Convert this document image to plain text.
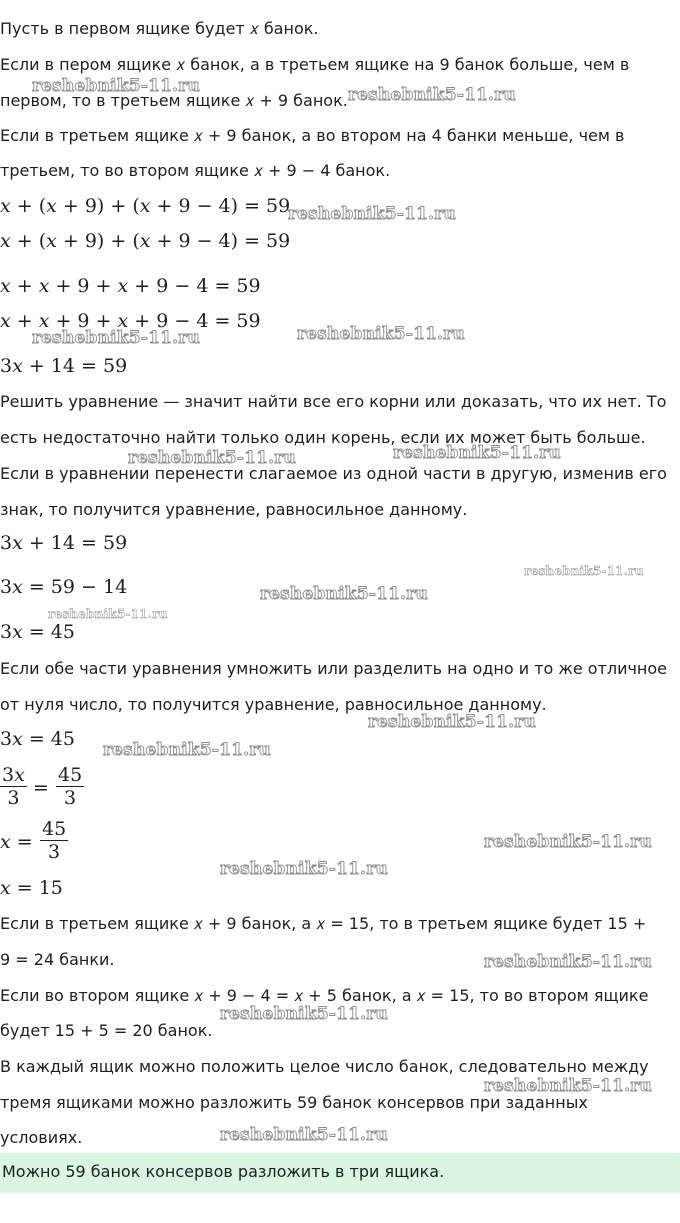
Пусть в первом ящике будет 𝑥 банок.
Если в пером ящике 𝑥 банок, а в третьем ящике на 9 банок больше, чем в
первом, то в третьем ящике 𝑥 + 9 банок.
Если в третьем ящике 𝑥 + 9 банок, а во втором на 4 банки меньше, чем в
третьем, то во втором ящике 𝑥 + 9 − 4 банок.
𝑥 + (𝑥 + 9) + (𝑥 + 9 − 4) = 59
𝑥 + (𝑥 + 9) + (𝑥 + 9 − 4) = 59
𝑥 + 𝑥 + 9 + 𝑥 + 9 − 4 = 59
𝑥 + 𝑥 + 9 + 𝑥 + 9 − 4 = 59
3𝑥 + 14 = 59
Решить уравнение — значит найти все его корни или доказать, что их нет. То
есть недостаточно найти только один корень, если их может быть больше.
Если в уравнении перенести слагаемое из одной части в другую, изменив его
знак, то получится уравнение, равносильное данному.
3𝑥 + 14 = 59
3𝑥 = 59 − 14
3𝑥 = 45
Если обе части уравнения умножить или разделить на одно и то же отличное
от нуля число, то получится уравнение, равносильное данному.
3𝑥 = 45
3𝑥
$3 = \frac{45}{3}$
𝑥 = $\frac{45}{3}$
𝑥 = 15
Если в третьем ящике 𝑥 + 9 банок, а 𝑥 = 15, то в третьем ящике будет 15 +
9 = 24 банки.
Если во втором ящике 𝑥 + 9 − 4 = 𝑥 + 5 банок, а 𝑥 = 15, то во втором ящике
будет 15 + 5 = 20 банок.
В каждый ящик можно положить целое число банок, следовательно между
тремя ящиками можно разложить 59 банок консервов при заданных
условиях.
Можно 59 банок консервов разложить в три ящика.
reshebnik5-11.ru	reshebnik5-11.ru
reshebnik5-11.ru
reshebnik5-11.ru	reshebnik5-11.ru
reshebnik5-11.ru	reshebnik5-11.ru
reshebnik5-11.ru
reshebnik5-11.ru
reshebnik5-11.ru
reshebnik5-11.ru
reshebnik5-11.ru
reshebnik5-11.ru
reshebnik5-11.ru
reshebnik5-11.ru
reshebnik5-11.ru
reshebnik5-11.ru
reshebnik5-11.ru
